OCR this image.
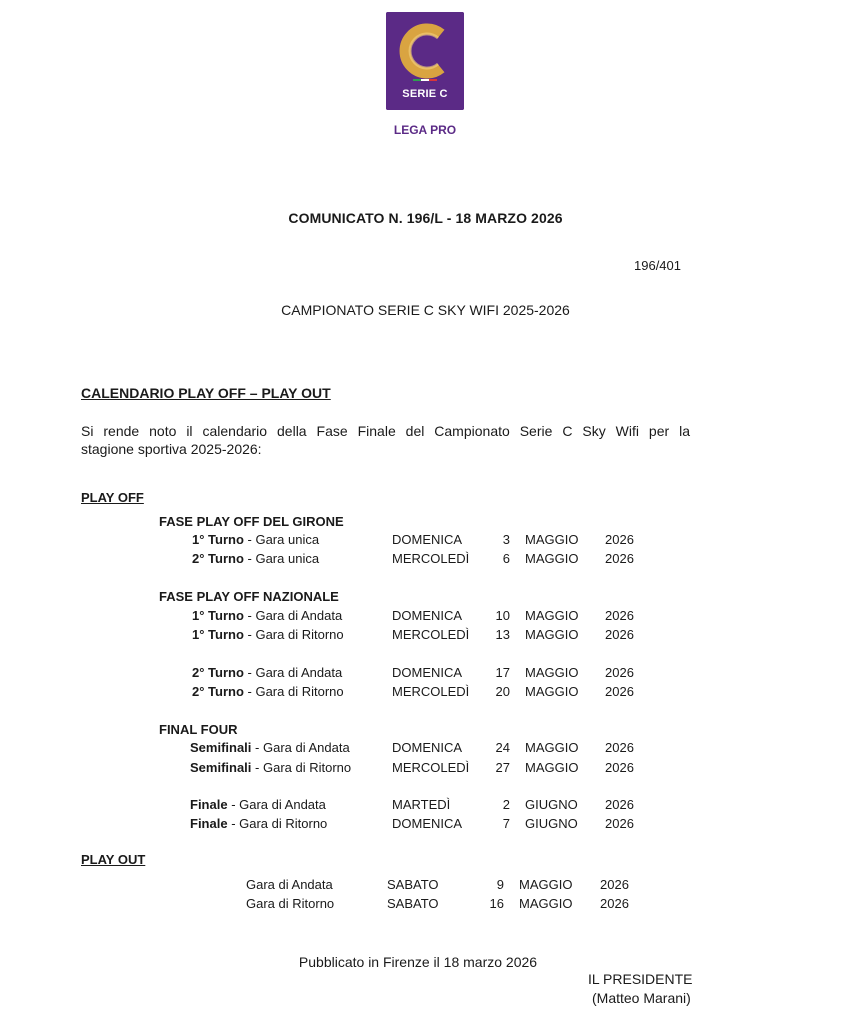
SERIE C
LEGA PRO
COMUNICATO N. 196/L - 18 MARZO 2026
196/401
CAMPIONATO SERIE C SKY WIFI 2025-2026
CALENDARIO PLAY OFF – PLAY OUT
Si rende noto il calendario della Fase Finale del Campionato Serie C Sky Wifi per la
stagione sportiva 2025-2026:
PLAY OFF
FASE PLAY OFF DEL GIRONE
1° Turno - Gara unica	DOMENICA	3 MAGGIO 2026
2° Turno - Gara unica	MERCOLEDÌ	6 MAGGIO 2026
FASE PLAY OFF NAZIONALE
1° Turno - Gara di Andata	DOMENICA	10 MAGGIO 2026
1° Turno - Gara di Ritorno	MERCOLEDÌ	13 MAGGIO 2026
2° Turno - Gara di Andata	DOMENICA	17 MAGGIO 2026
2° Turno - Gara di Ritorno	MERCOLEDÌ	20 MAGGIO 2026
FINAL FOUR
Semifinali - Gara di Andata	DOMENICA	24 MAGGIO 2026
Semifinali - Gara di Ritorno	MERCOLEDÌ	27 MAGGIO 2026
Finale - Gara di Andata	MARTEDÌ	2 GIUGNO 2026
Finale - Gara di Ritorno	DOMENICA	7 GIUGNO 2026
PLAY OUT
Gara di Andata	SABATO	9 MAGGIO 2026
Gara di Ritorno	SABATO	16 MAGGIO 2026
Pubblicato in Firenze il 18 marzo 2026
IL PRESIDENTE
(Matteo Marani)
